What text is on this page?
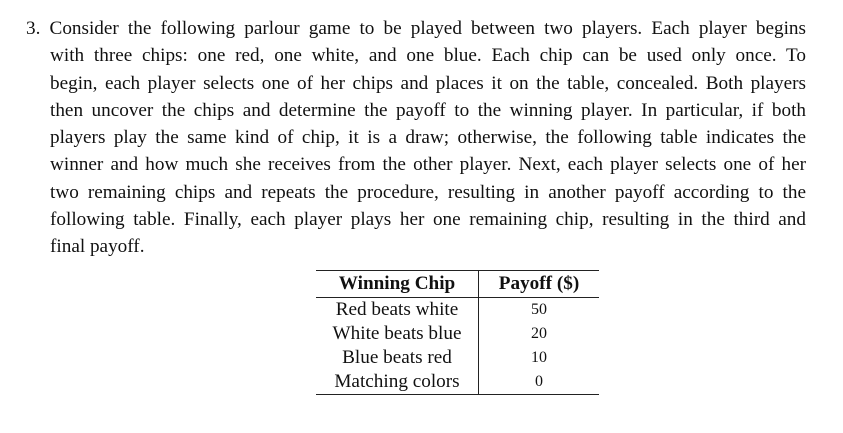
3. Consider the following parlour game to be played between two players. Each player begins
with three chips: one red, one white, and one blue. Each chip can be used only once. To
begin, each player selects one of her chips and places it on the table, concealed. Both players
then uncover the chips and determine the payoff to the winning player. In particular, if both
players play the same kind of chip, it is a draw; otherwise, the following table indicates the
winner and how much she receives from the other player. Next, each player selects one of her
two remaining chips and repeats the procedure, resulting in another payoff according to the
following table. Finally, each player plays her one remaining chip, resulting in the third and
final payoff.
Winning Chip	Payoff ($)
Red beats white	50
White beats blue	20
Blue beats red	10
Matching colors	0
